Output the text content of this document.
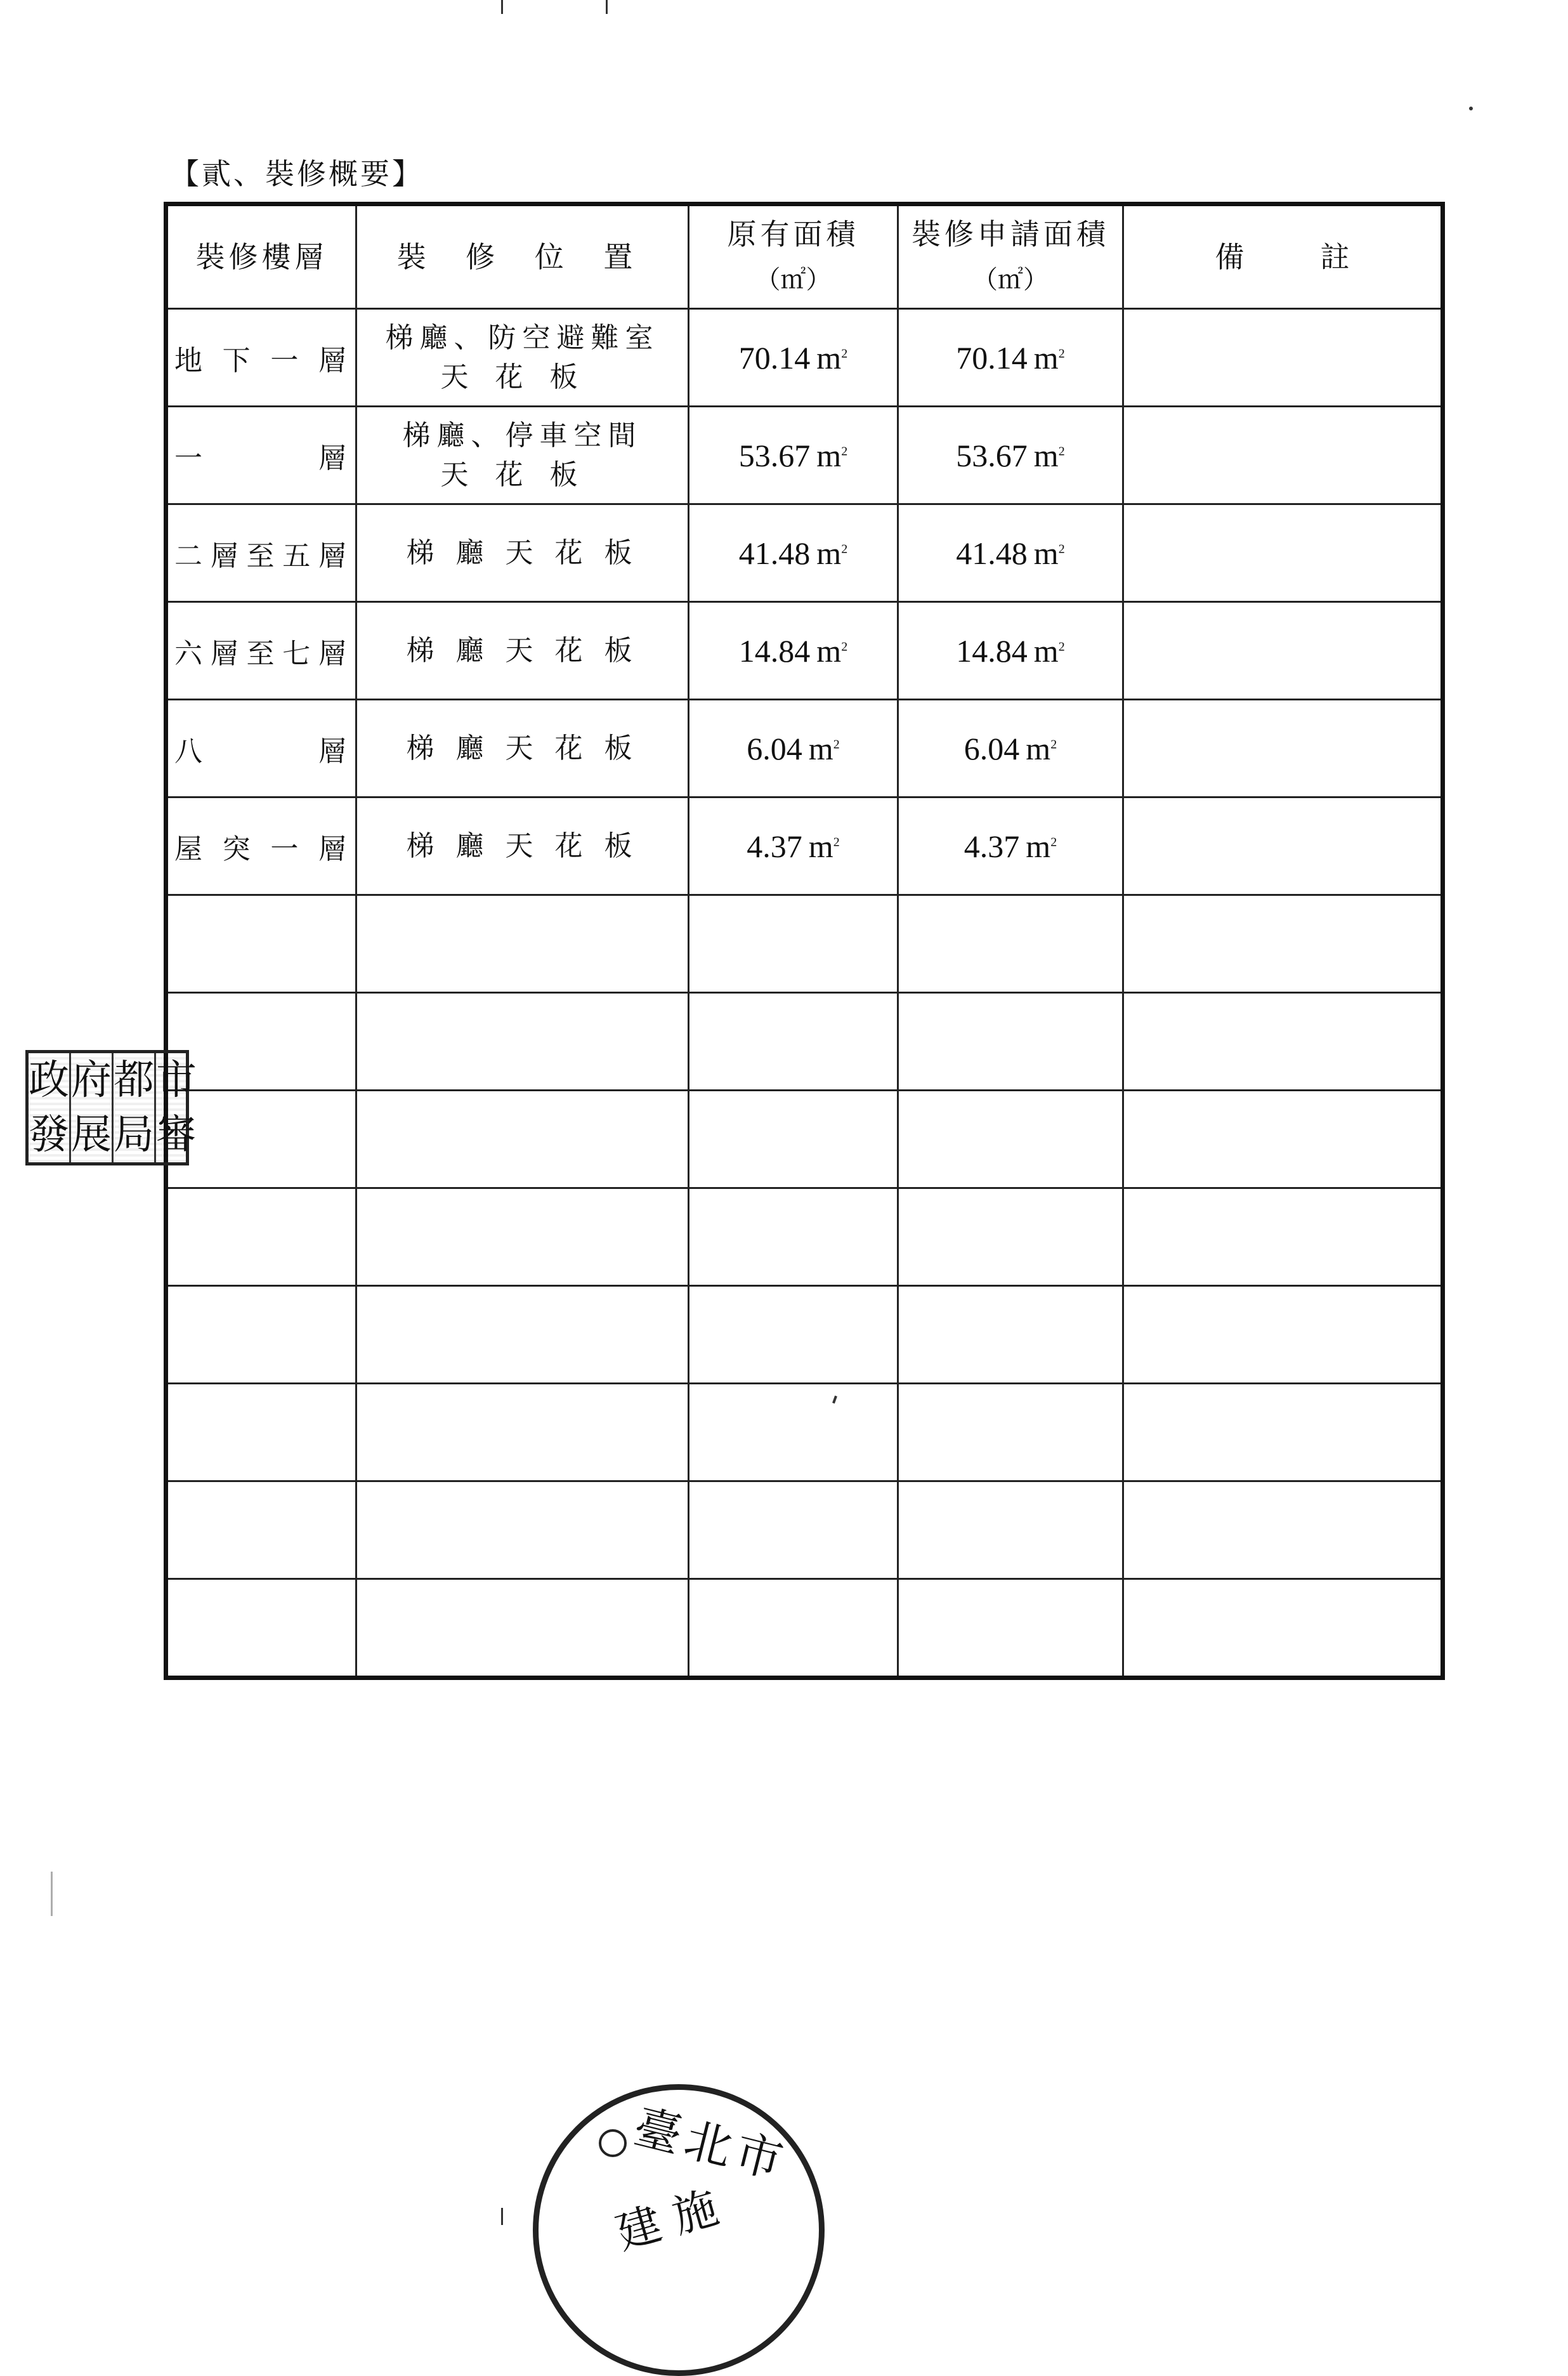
【貳、裝修概要】
裝修樓層	裝 修 位 置	原有面積
（㎡）	裝修申請面積
（㎡）	備 註
地下一層	梯廳、防空避難室
天花板	70.14 $m^2$	70.14 $m^2$	
一　　層	梯廳、停車空間
天花板	53.67 $m^2$	53.67 $m^2$	
二層至五層	梯 廳 天 花 板	41.48 $m^2$	41.48 $m^2$	
六層至七層	梯 廳 天 花 板	14.84 $m^2$	14.84 $m^2$	
八　　層	梯 廳 天 花 板	6.04 $m^2$	6.04 $m^2$	
屋突一層	梯 廳 天 花 板	4.37 $m^2$	4.37 $m^2$	

政 府 都 市
發 展 局 審
臺北市
建 施
